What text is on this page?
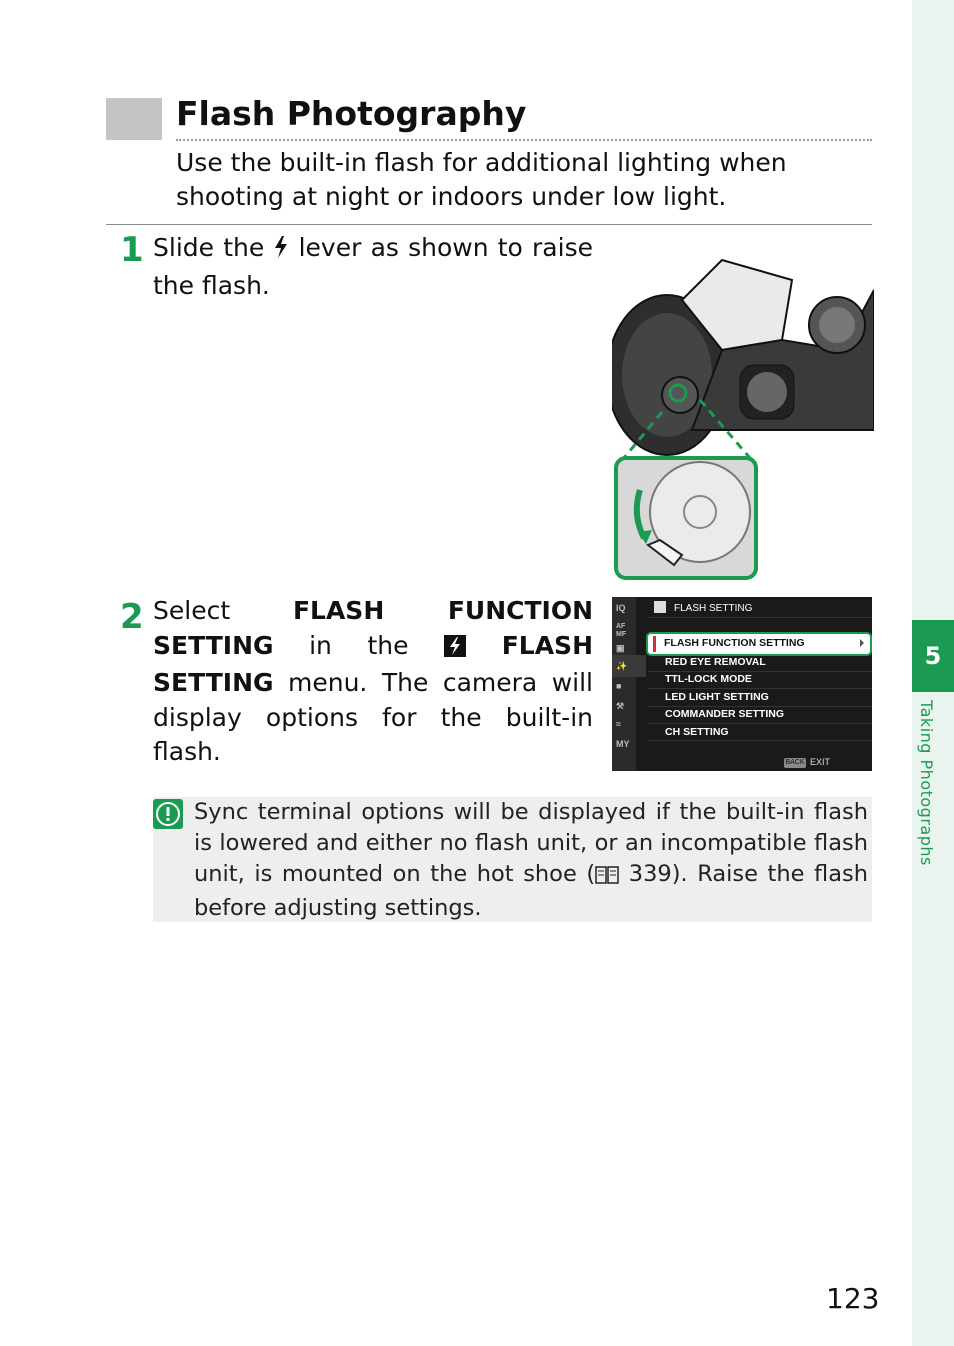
5
Taking Photographs
Flash Photography
Use the built-in flash for additional lighting when shooting at night or indoors under low light.
1 Slide the lever as shown to raise the flash.
2 Select	FLASH FUNCTION SETTING in the	FLASH SETTING menu. The camera will display options for the built-in flash.
IQ
AF MF
▣
✨
■
⚒
≈
MY
FLASH SETTING
RED EYE REMOVAL
TTL-LOCK MODE
LED LIGHT SETTING
COMMANDER SETTING
CH SETTING
FLASH FUNCTION SETTING
BACK EXIT
Sync terminal options will be displayed if the built-in flash is lowered and either no flash unit, or an incompatible flash unit, is mounted on the hot shoe ( 339). Raise the flash before adjusting settings.
123
